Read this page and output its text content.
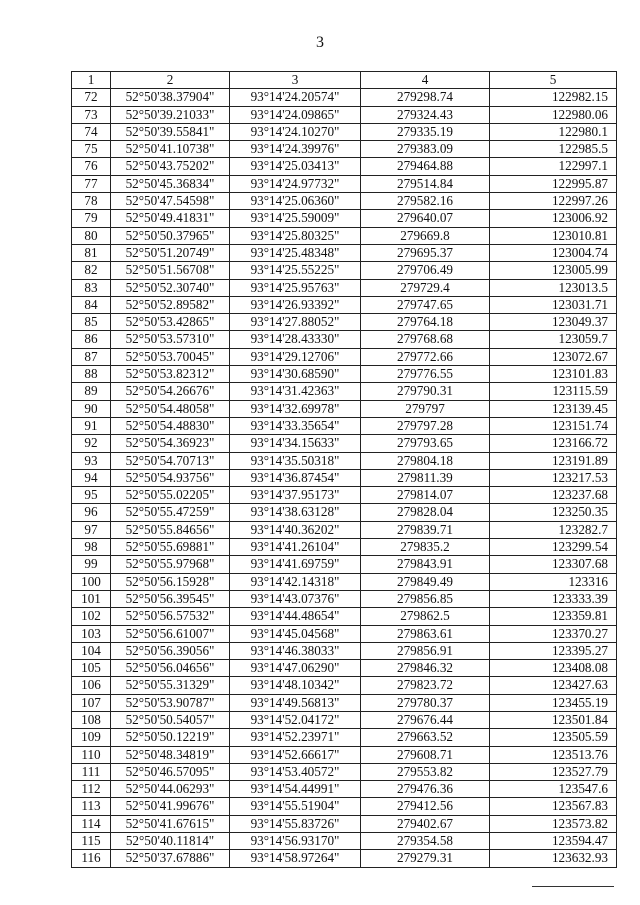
3
1	2	3	4	5
72	52°50'38.37904"	93°14'24.20574"	279298.74	122982.15
73	52°50'39.21033"	93°14'24.09865"	279324.43	122980.06
74	52°50'39.55841"	93°14'24.10270"	279335.19	122980.1
75	52°50'41.10738"	93°14'24.39976"	279383.09	122985.5
76	52°50'43.75202"	93°14'25.03413"	279464.88	122997.1
77	52°50'45.36834"	93°14'24.97732"	279514.84	122995.87
78	52°50'47.54598"	93°14'25.06360"	279582.16	122997.26
79	52°50'49.41831"	93°14'25.59009"	279640.07	123006.92
80	52°50'50.37965"	93°14'25.80325"	279669.8	123010.81
81	52°50'51.20749"	93°14'25.48348"	279695.37	123004.74
82	52°50'51.56708"	93°14'25.55225"	279706.49	123005.99
83	52°50'52.30740"	93°14'25.95763"	279729.4	123013.5
84	52°50'52.89582"	93°14'26.93392"	279747.65	123031.71
85	52°50'53.42865"	93°14'27.88052"	279764.18	123049.37
86	52°50'53.57310"	93°14'28.43330"	279768.68	123059.7
87	52°50'53.70045"	93°14'29.12706"	279772.66	123072.67
88	52°50'53.82312"	93°14'30.68590"	279776.55	123101.83
89	52°50'54.26676"	93°14'31.42363"	279790.31	123115.59
90	52°50'54.48058"	93°14'32.69978"	279797	123139.45
91	52°50'54.48830"	93°14'33.35654"	279797.28	123151.74
92	52°50'54.36923"	93°14'34.15633"	279793.65	123166.72
93	52°50'54.70713"	93°14'35.50318"	279804.18	123191.89
94	52°50'54.93756"	93°14'36.87454"	279811.39	123217.53
95	52°50'55.02205"	93°14'37.95173"	279814.07	123237.68
96	52°50'55.47259"	93°14'38.63128"	279828.04	123250.35
97	52°50'55.84656"	93°14'40.36202"	279839.71	123282.7
98	52°50'55.69881"	93°14'41.26104"	279835.2	123299.54
99	52°50'55.97968"	93°14'41.69759"	279843.91	123307.68
100	52°50'56.15928"	93°14'42.14318"	279849.49	123316
101	52°50'56.39545"	93°14'43.07376"	279856.85	123333.39
102	52°50'56.57532"	93°14'44.48654"	279862.5	123359.81
103	52°50'56.61007"	93°14'45.04568"	279863.61	123370.27
104	52°50'56.39056"	93°14'46.38033"	279856.91	123395.27
105	52°50'56.04656"	93°14'47.06290"	279846.32	123408.08
106	52°50'55.31329"	93°14'48.10342"	279823.72	123427.63
107	52°50'53.90787"	93°14'49.56813"	279780.37	123455.19
108	52°50'50.54057"	93°14'52.04172"	279676.44	123501.84
109	52°50'50.12219"	93°14'52.23971"	279663.52	123505.59
110	52°50'48.34819"	93°14'52.66617"	279608.71	123513.76
111	52°50'46.57095"	93°14'53.40572"	279553.82	123527.79
112	52°50'44.06293"	93°14'54.44991"	279476.36	123547.6
113	52°50'41.99676"	93°14'55.51904"	279412.56	123567.83
114	52°50'41.67615"	93°14'55.83726"	279402.67	123573.82
115	52°50'40.11814"	93°14'56.93170"	279354.58	123594.47
116	52°50'37.67886"	93°14'58.97264"	279279.31	123632.93
